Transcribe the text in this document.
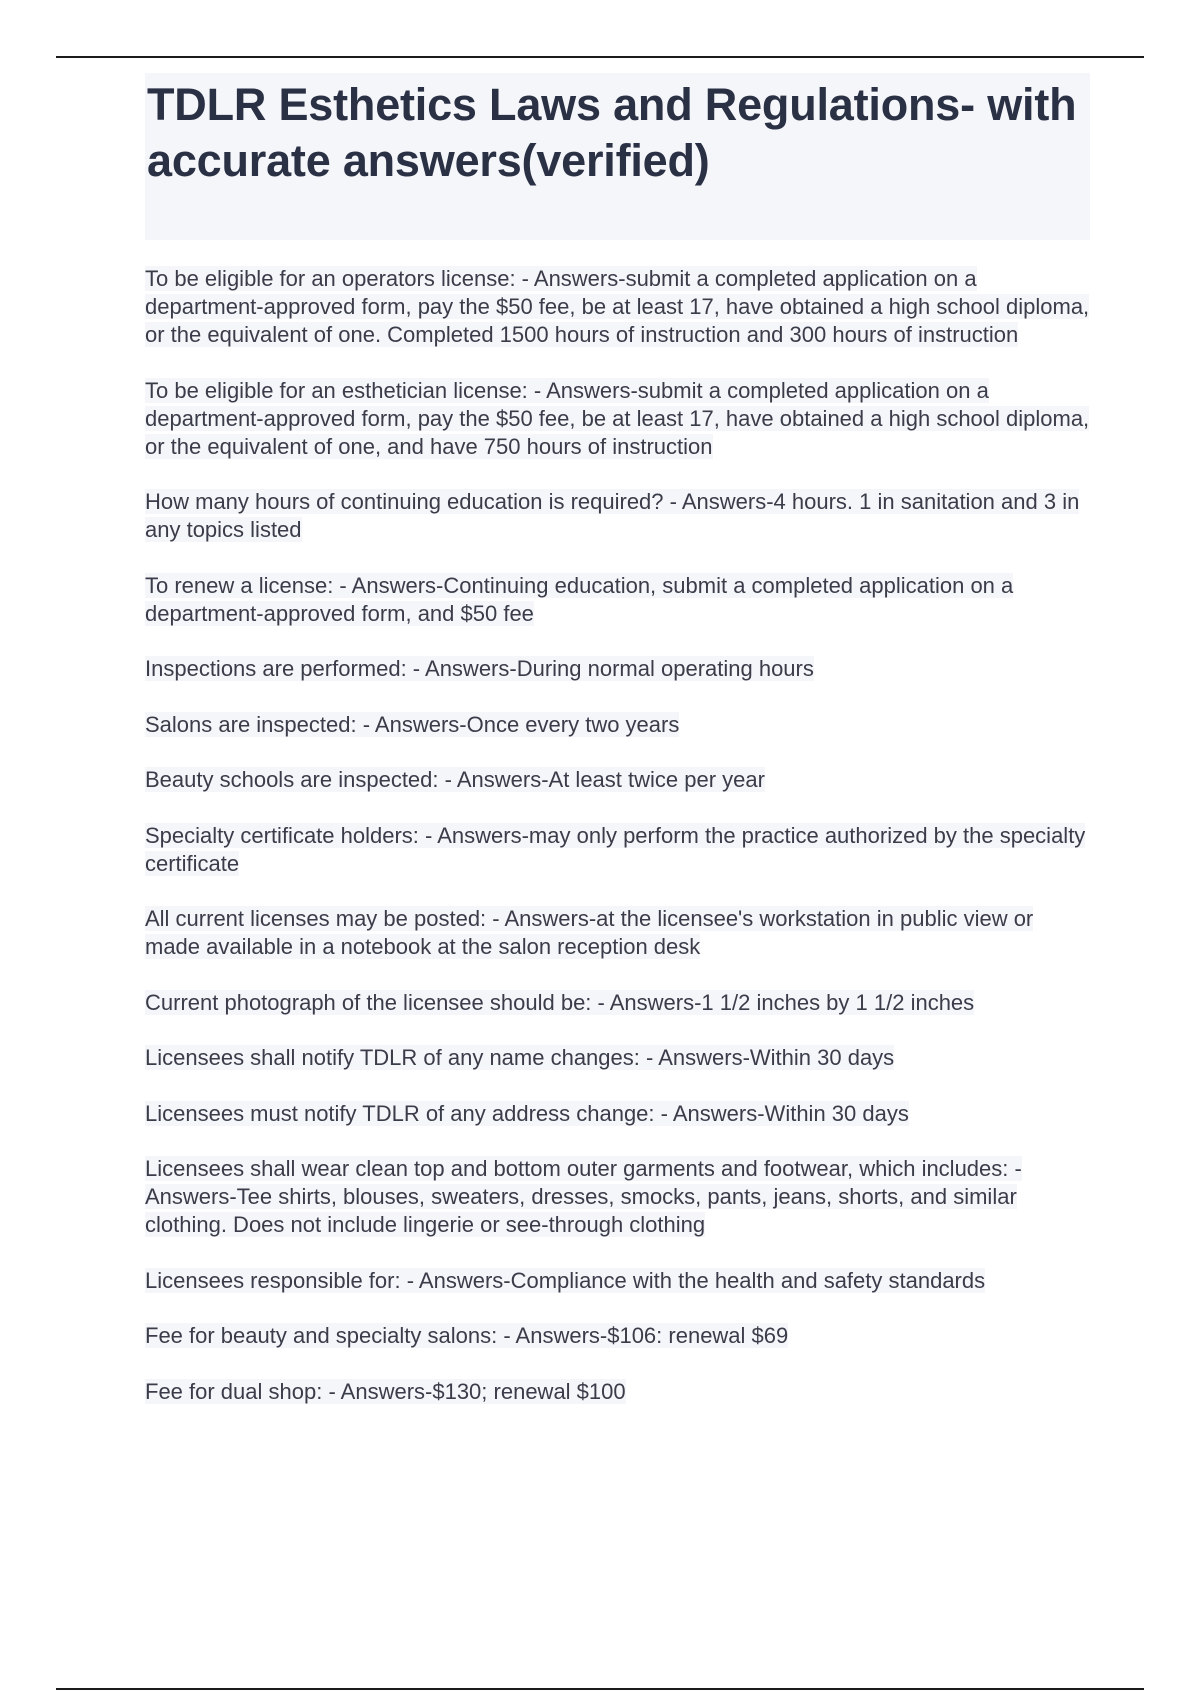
TDLR Esthetics Laws and Regulations- with accurate answers(verified)

To be eligible for an operators license: - Answers-submit a completed application on a department-approved form, pay the $50 fee, be at least 17, have obtained a high school diploma, or the equivalent of one. Completed 1500 hours of instruction and 300 hours of instruction

To be eligible for an esthetician license: - Answers-submit a completed application on a department-approved form, pay the $50 fee, be at least 17, have obtained a high school diploma, or the equivalent of one, and have 750 hours of instruction

How many hours of continuing education is required? - Answers-4 hours. 1 in sanitation and 3 in any topics listed

To renew a license: - Answers-Continuing education, submit a completed application on a department-approved form, and $50 fee

Inspections are performed: - Answers-During normal operating hours

Salons are inspected: - Answers-Once every two years

Beauty schools are inspected: - Answers-At least twice per year

Specialty certificate holders: - Answers-may only perform the practice authorized by the specialty certificate

All current licenses may be posted: - Answers-at the licensee's workstation in public view or made available in a notebook at the salon reception desk

Current photograph of the licensee should be: - Answers-1 1/2 inches by 1 1/2 inches

Licensees shall notify TDLR of any name changes: - Answers-Within 30 days

Licensees must notify TDLR of any address change: - Answers-Within 30 days

Licensees shall wear clean top and bottom outer garments and footwear, which includes: - Answers-Tee shirts, blouses, sweaters, dresses, smocks, pants, jeans, shorts, and similar clothing. Does not include lingerie or see-through clothing

Licensees responsible for: - Answers-Compliance with the health and safety standards

Fee for beauty and specialty salons: - Answers-$106: renewal $69

Fee for dual shop: - Answers-$130; renewal $100
